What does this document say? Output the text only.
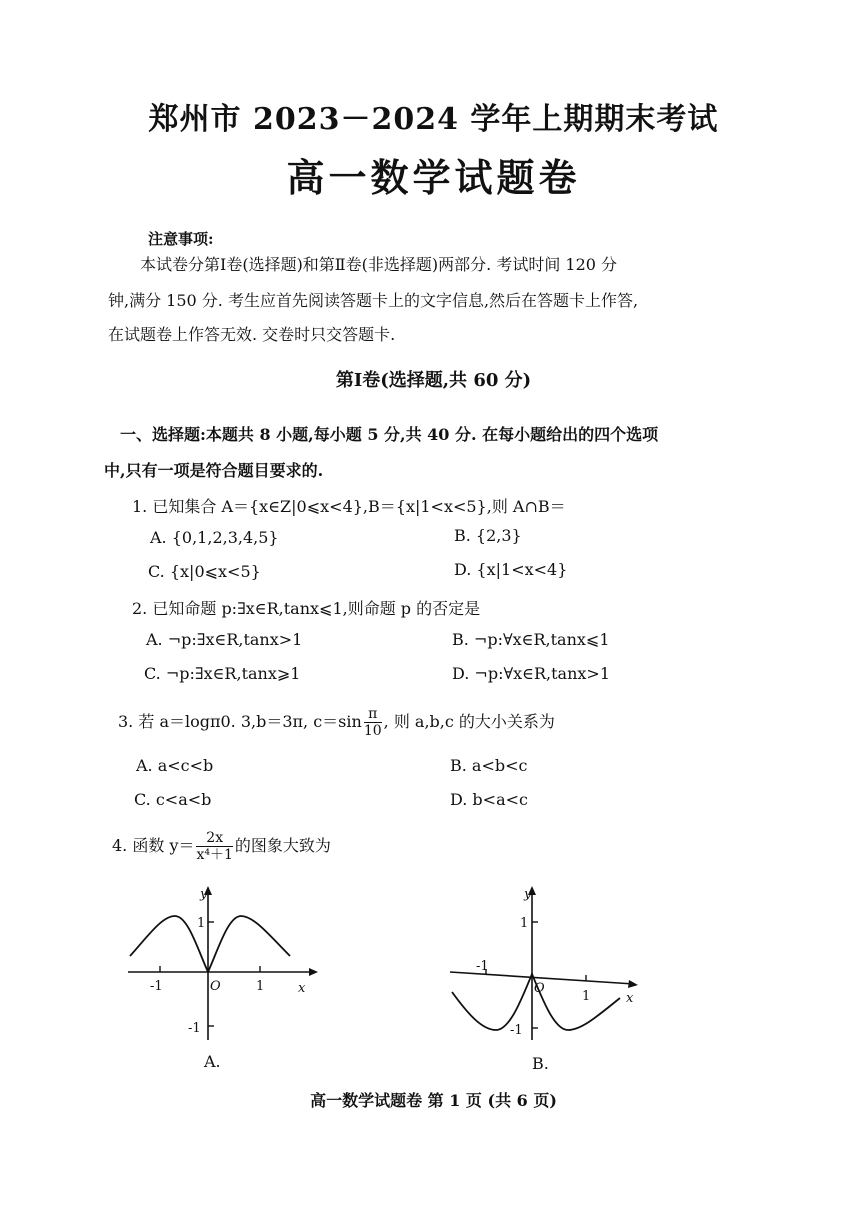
郑州市 2023－2024 学年上期期末考试
高一数学试题卷
注意事项:
本试卷分第Ⅰ卷(选择题)和第Ⅱ卷(非选择题)两部分. 考试时间 120 分
钟,满分 150 分. 考生应首先阅读答题卡上的文字信息,然后在答题卡上作答,
在试题卷上作答无效. 交卷时只交答题卡.
第Ⅰ卷(选择题,共 60 分)
一、选择题:本题共 8 小题,每小题 5 分,共 40 分. 在每小题给出的四个选项
中,只有一项是符合题目要求的.
1. 已知集合 A＝{x∈Z|0⩽x<4},B＝{x|1<x<5},则 A∩B＝
A. {0,1,2,3,4,5}	B. {2,3}
C. {x|0⩽x<5}	D. {x|1<x<4}
2. 已知命题 p:∃x∈R,tanx⩽1,则命题 p 的否定是
A. ¬p:∃x∈R,tanx>1	B. ¬p:∀x∈R,tanx⩽1
C. ¬p:∃x∈R,tanx⩾1	D. ¬p:∀x∈R,tanx>1
3. 若 a＝logπ0. 3,b＝3π, $c=\sin \frac{\pi}{10}$ , 则 a,b,c 的大小关系为
A. a<c<b	B. a<b<c
C. c<a<b	D. b<a<c
4. 函数 $y= \frac{2x}{\text{x⁴＋1}}$ 的图象大致为
y
1
-1
-1	1
O	x
A.
y
1
-1
-1
1
O
x
B.
高一数学试题卷 第 1 页 (共 6 页)
